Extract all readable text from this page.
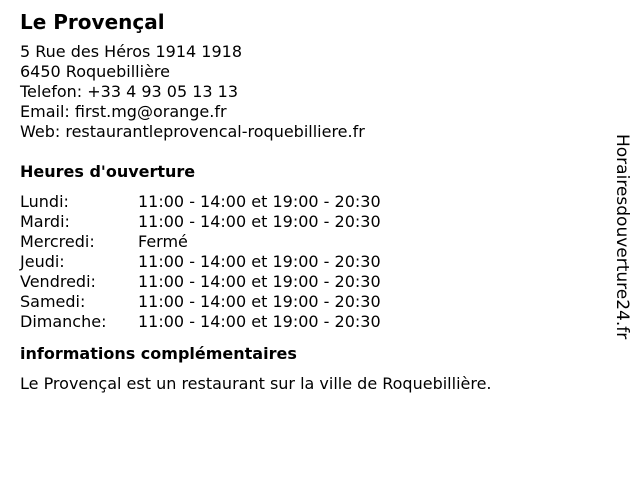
Le Provençal
5 Rue des Héros 1914 1918
6450 Roquebillière
Telefon: +33 4 93 05 13 13
Email: first.mg@orange.fr
Web: restaurantleprovencal-roquebilliere.fr
Heures d'ouverture
Lundi:	11:00 - 14:00 et 19:00 - 20:30
Mardi:	11:00 - 14:00 et 19:00 - 20:30
Mercredi:	Fermé
Jeudi:	11:00 - 14:00 et 19:00 - 20:30
Vendredi:	11:00 - 14:00 et 19:00 - 20:30
Samedi:	11:00 - 14:00 et 19:00 - 20:30
Dimanche:	11:00 - 14:00 et 19:00 - 20:30
informations complémentaires
Le Provençal est un restaurant sur la ville de Roquebillière.
Horairesdouverture24.fr
